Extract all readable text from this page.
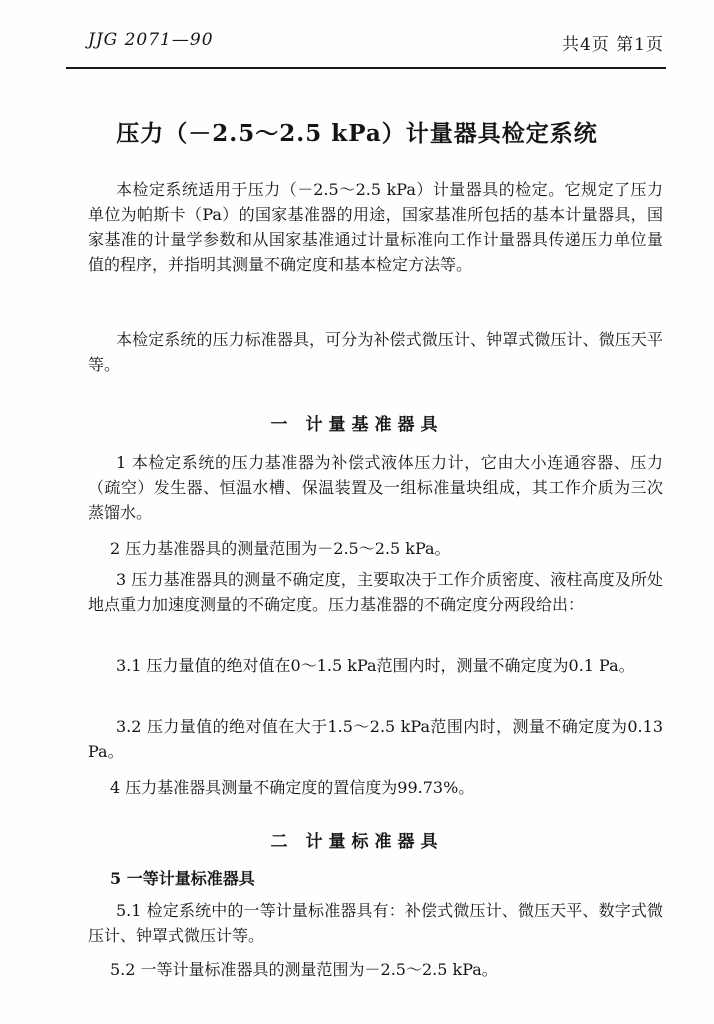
JJG 2071—90	共4页 第1页
压力（－2.5～2.5 kPa）计量器具检定系统
本检定系统适用于压力（－2.5～2.5 kPa）计量器具的检定。它规定了压力单位为帕斯卡（Pa）的国家基准器的用途，国家基准所包括的基本计量器具，国家基准的计量学参数和从国家基准通过计量标准向工作计量器具传递压力单位量值的程序，并指明其测量不确定度和基本检定方法等。
本检定系统的压力标准器具，可分为补偿式微压计、钟罩式微压计、微压天平等。
一 计量基准器具
1 本检定系统的压力基准器为补偿式液体压力计，它由大小连通容器、压力（疏空）发生器、恒温水槽、保温装置及一组标准量块组成，其工作介质为三次蒸馏水。
2 压力基准器具的测量范围为－2.5～2.5 kPa。
3 压力基准器具的测量不确定度，主要取决于工作介质密度、液柱高度及所处地点重力加速度测量的不确定度。压力基准器的不确定度分两段给出：
3.1 压力量值的绝对值在0～1.5 kPa范围内时，测量不确定度为0.1 Pa。
3.2 压力量值的绝对值在大于1.5～2.5 kPa范围内时，测量不确定度为0.13 Pa。
4 压力基准器具测量不确定度的置信度为99.73%。
二 计量标准器具
5 一等计量标准器具
5.1 检定系统中的一等计量标准器具有：补偿式微压计、微压天平、数字式微压计、钟罩式微压计等。
5.2 一等计量标准器具的测量范围为－2.5～2.5 kPa。
